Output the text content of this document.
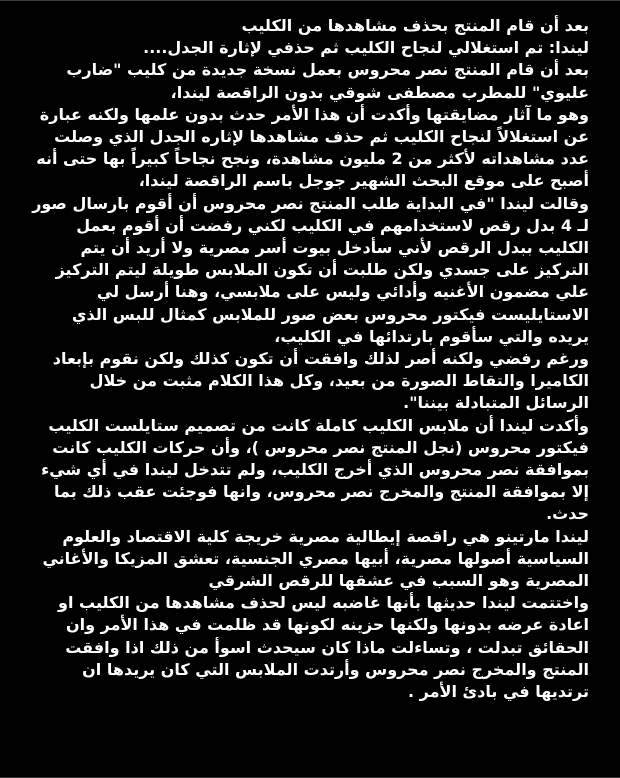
بعد أن قام المنتج بحذف مشاهدها من الكليب
ليندا: تم استغلالي لنجاح الكليب ثم حذفي لإثارة الجدل....

بعد أن قام المنتج نصر محروس بعمل نسخة جديدة من كليب "ضارب عليوي" للمطرب مصطفى شوقي بدون الراقصة ليندا،
وهو ما آثار مضايقتها وأكدت أن هذا الأمر حدث بدون علمها ولكنه عبارة عن استغلالاً لنجاح الكليب ثم حذف مشاهدها لإثاره الجدل الذي وصلت عدد مشاهداته لأكثر من 2 مليون مشاهدة، ونجح نجاحاً كبيراً بها حتى أنه أصبح على موقع البحث الشهير جوجل باسم الراقصة ليندا،

وقالت ليندا "في البداية طلب المنتج نصر محروس أن أقوم بارسال صور لـ 4 بدل رقص لاستخدامهم في الكليب لكني رفضت أن أقوم بعمل الكليب ببدل الرقص لأني سأدخل بيوت أسر مصرية ولا أريد أن يتم التركيز على جسدي ولكن طلبت أن تكون الملابس طويلة ليتم التركيز علي مضمون الأغنيه وأدائي وليس على ملابسي، وهنا أرسل لي الاستايليست فيكتور محروس بعض صور للملابس كمثال للبس الذي يريده والتي سأقوم بارتدائها في الكليب،

ورغم رفضي ولكنه أصر لذلك وافقت أن تكون كذلك ولكن نقوم بإبعاد الكاميرا والتقاط الصورة من بعيد، وكل هذا الكلام مثبت من خلال الرسائل المتبادلة بيننا".

وأكدت ليندا أن ملابس الكليب كاملة كانت من تصميم ستايلست الكليب فيكتور محروس (نجل المنتج نصر محروس )، وأن حركات الكليب كانت بموافقة نصر محروس الذي أخرج الكليب، ولم تتدخل ليندا في أي شيء إلا بموافقة المنتج والمخرج نصر محروس، وانها فوجئت عقب ذلك بما حدث.

ليندا مارتينو هي راقصة إيطالية مصرية خريجة كلية الاقتصاد والعلوم السياسية أصولها مصرية، أبيها مصري الجنسية، تعشق المزيكا والأغاني المصرية وهو السبب في عشقها للرقص الشرقي

واختتمت ليندا حديثها بأنها غاضبه ليس لحذف مشاهدها من الكليب او اعادة عرضه بدونها ولكنها حزينه لكونها قد ظلمت في هذا الأمر وان الحقائق تبدلت ، وتساءلت ماذا كان سيحدث اسوأ من ذلك اذا وافقت المنتج والمخرج نصر محروس وأرتدت الملابس التي كان يريدها ان ترتديها في بادئ الأمر .
